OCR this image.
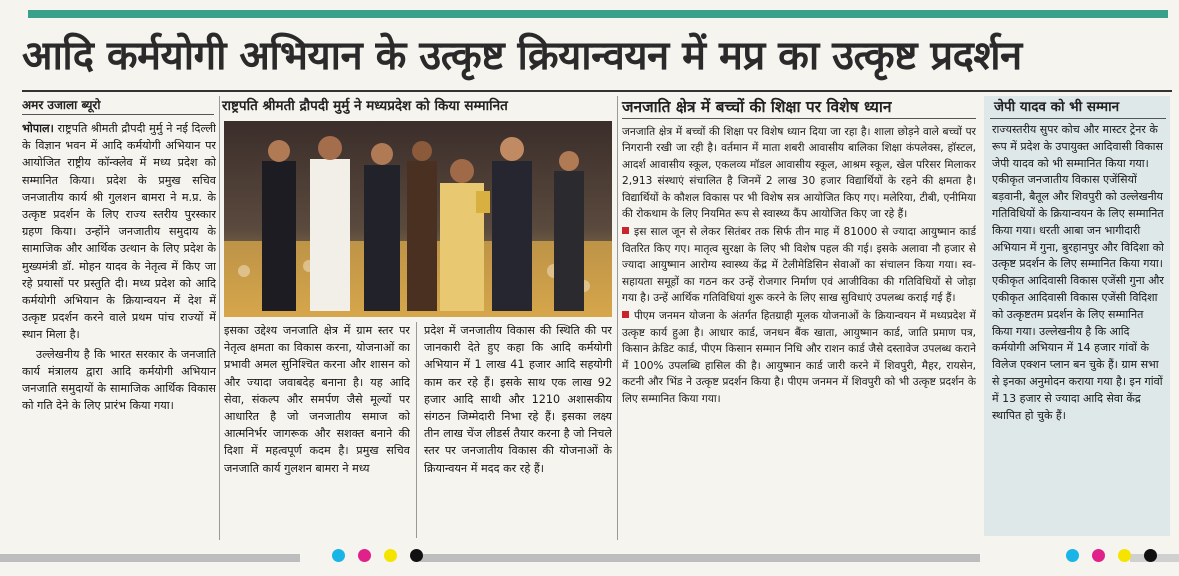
आदि कर्मयोगी अभियान के उत्कृष्ट क्रियान्वयन में मप्र का उत्कृष्ट प्रदर्शन
अमर उजाला ब्यूरो

भोपाल। राष्ट्रपति श्रीमती द्रौपदी मुर्मु ने नई दिल्ली के विज्ञान भवन में आदि कर्मयोगी अभियान पर आयोजित राष्ट्रीय कॉन्क्लेव में मध्य प्रदेश को सम्मानित किया। प्रदेश के प्रमुख सचिव जनजातीय कार्य श्री गुलशन बामरा ने म.प्र. के उत्कृष्ट प्रदर्शन के लिए राज्य स्तरीय पुरस्कार ग्रहण किया। उन्होंने जनजातीय समुदाय के सामाजिक और आर्थिक उत्थान के लिए प्रदेश के मुख्यमंत्री डॉ. मोहन यादव के नेतृत्व में किए जा रहे प्रयासों पर प्रस्तुति दी। मध्य प्रदेश को आदि कर्मयोगी अभियान के क्रियान्वयन में देश में उत्कृष्ट प्रदर्शन करने वाले प्रथम पांच राज्यों में स्थान मिला है।

उल्लेखनीय है कि भारत सरकार के जनजाति कार्य मंत्रालय द्वारा आदि कर्मयोगी अभियान जनजाति समुदायों के सामाजिक आर्थिक विकास को गति देने के लिए प्रारंभ किया गया।

राष्ट्रपति श्रीमती द्रौपदी मुर्मु ने मध्यप्रदेश को किया सम्मानित
इसका उद्देश्य जनजाति क्षेत्र में ग्राम स्तर पर नेतृत्व क्षमता का विकास करना, योजनाओं का प्रभावी अमल सुनिश्चित करना और शासन को और ज्यादा जवाबदेह बनाना है। यह आदि सेवा, संकल्प और समर्पण जैसे मूल्यों पर आधारित है जो जनजातीय समाज को आत्मनिर्भर जागरूक और सशक्त बनाने की दिशा में महत्वपूर्ण कदम है। प्रमुख सचिव जनजाति कार्य गुलशन बामरा ने मध्य
प्रदेश में जनजातीय विकास की स्थिति की पर जानकारी देते हुए कहा कि आदि कर्मयोगी अभियान में 1 लाख 41 हजार आदि सहयोगी काम कर रहे हैं। इसके साथ एक लाख 92 हजार आदि साथी और 1210 अशासकीय संगठन जिम्मेदारी निभा रहे हैं। इसका लक्ष्य तीन लाख चेंज लीडर्स तैयार करना है जो निचले स्तर पर जनजातीय विकास की योजनाओं के क्रियान्वयन में मदद कर रहे हैं।
जनजाति क्षेत्र में बच्चों की शिक्षा पर विशेष ध्यान

जनजाति क्षेत्र में बच्चों की शिक्षा पर विशेष ध्यान दिया जा रहा है। शाला छोड़ने वाले बच्चों पर निगरानी रखी जा रही है। वर्तमान में माता शबरी आवासीय बालिका शिक्षा कंपलेक्स, हॉस्टल, आदर्श आवासीय स्कूल, एकलव्य मॉडल आवासीय स्कूल, आश्रम स्कूल, खेल परिसर मिलाकर 2,913 संस्थाएं संचालित है जिनमें 2 लाख 30 हजार विद्यार्थियों के रहने की क्षमता है। विद्यार्थियों के कौशल विकास पर भी विशेष सत्र आयोजित किए गए। मलेरिया, टीबी, एनीमिया की रोकथाम के लिए नियमित रूप से स्वास्थ्य कैंप आयोजित किए जा रहे हैं।

इस साल जून से लेकर सितंबर तक सिर्फ तीन माह में 81000 से ज्यादा आयुष्मान कार्ड वितरित किए गए। मातृत्व सुरक्षा के लिए भी विशेष पहल की गई। इसके अलावा नौ हजार से ज्यादा आयुष्मान आरोग्य स्वास्थ्य केंद्र में टेलीमेडिसिन सेवाओं का संचालन किया गया। स्व-सहायता समूहों का गठन कर उन्हें रोजगार निर्माण एवं आजीविका की गतिविधियों से जोड़ा गया है। उन्हें आर्थिक गतिविधियां शुरू करने के लिए साख सुविधाएं उपलब्ध कराई गई हैं।

पीएम जनमन योजना के अंतर्गत हितग्राही मूलक योजनाओं के क्रियान्वयन में मध्यप्रदेश में उत्कृष्ट कार्य हुआ है। आधार कार्ड, जनधन बैंक खाता, आयुष्मान कार्ड, जाति प्रमाण पत्र, किसान क्रेडिट कार्ड, पीएम किसान सम्मान निधि और राशन कार्ड जैसे दस्तावेज उपलब्ध कराने में 100% उपलब्धि हासिल की है। आयुष्मान कार्ड जारी करने में शिवपुरी, मैहर, रायसेन, कटनी और भिंड ने उत्कृष्ट प्रदर्शन किया है। पीएम जनमन में शिवपुरी को भी उत्कृष्ट प्रदर्शन के लिए सम्मानित किया गया।

जेपी यादव को भी सम्मान
राज्यस्तरीय सुपर कोच और मास्टर ट्रेनर के रूप में प्रदेश के उपायुक्त आदिवासी विकास जेपी यादव को भी सम्मानित किया गया। एकीकृत जनजातीय विकास एजेंसियों बड़वानी, बैतूल और शिवपुरी को उल्लेखनीय गतिविधियों के क्रियान्वयन के लिए सम्मानित किया गया। धरती आबा जन भागीदारी अभियान में गुना, बुरहानपुर और विदिशा को उत्कृष्ट प्रदर्शन के लिए सम्मानित किया गया। एकीकृत आदिवासी विकास एजेंसी गुना और एकीकृत आदिवासी विकास एजेंसी विदिशा को उत्कृष्टतम प्रदर्शन के लिए सम्मानित किया गया। उल्लेखनीय है कि आदि कर्मयोगी अभियान में 14 हजार गांवों के विलेज एक्शन प्लान बन चुके हैं। ग्राम सभा से इनका अनुमोदन कराया गया है। इन गांवों में 13 हजार से ज्यादा आदि सेवा केंद्र स्थापित हो चुके हैं।
